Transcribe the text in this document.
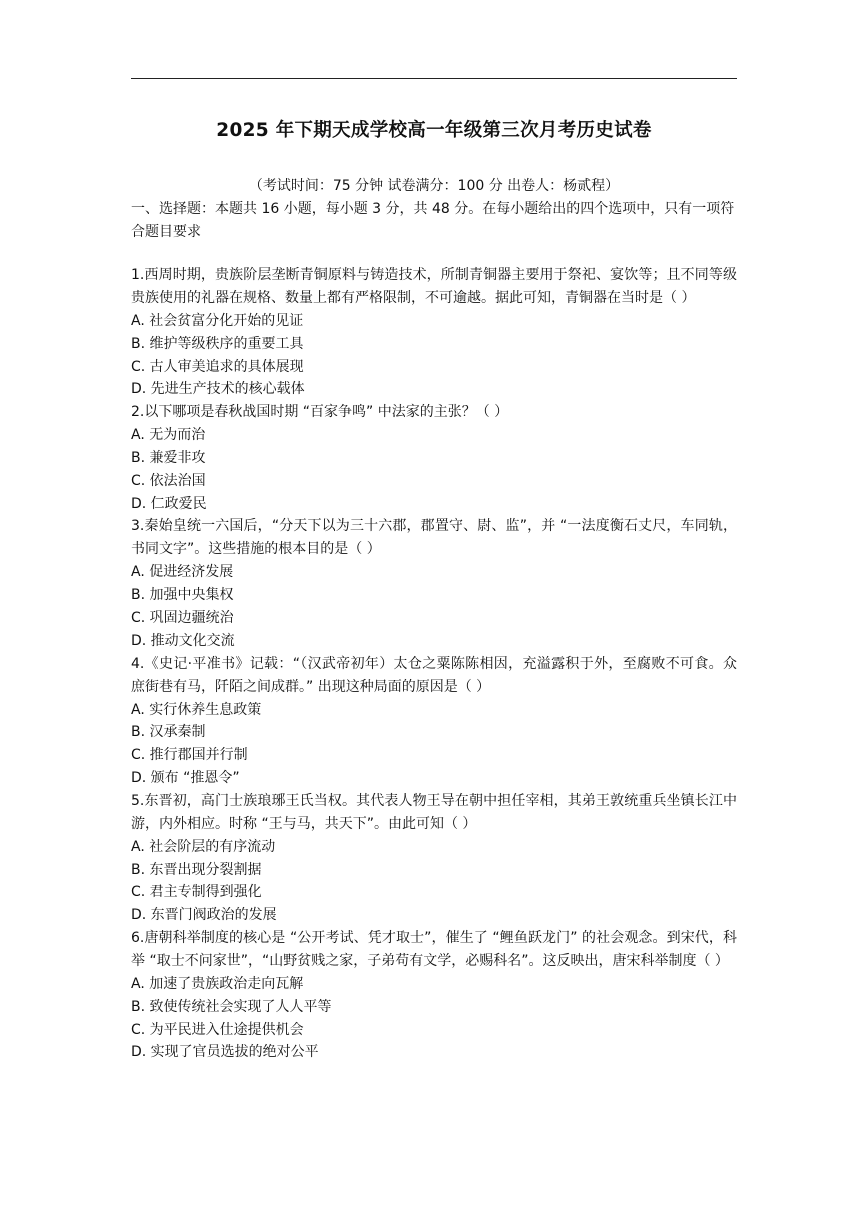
2025 年下期天成学校高一年级第三次月考历史试卷
（考试时间：75 分钟 试卷满分：100 分 出卷人：杨贰程）

一、选择题：本题共 16 小题，每小题 3 分，共 48 分。在每小题给出的四个选项中，只有一项符合题目要求

1.西周时期，贵族阶层垄断青铜原料与铸造技术，所制青铜器主要用于祭祀、宴饮等；且不同等级贵族使用的礼器在规格、数量上都有严格限制，不可逾越。据此可知，青铜器在当时是（ ）

A. 社会贫富分化开始的见证

B. 维护等级秩序的重要工具

C. 古人审美追求的具体展现

D. 先进生产技术的核心载体

2.以下哪项是春秋战国时期 “百家争鸣” 中法家的主张？（ ）

A. 无为而治

B. 兼爱非攻

C. 依法治国

D. 仁政爱民

3.秦始皇统一六国后，“分天下以为三十六郡，郡置守、尉、监”，并 “一法度衡石丈尺，车同轨，书同文字”。这些措施的根本目的是（ ）

A. 促进经济发展

B. 加强中央集权

C. 巩固边疆统治

D. 推动文化交流

4.《史记·平准书》记载：“（汉武帝初年）太仓之粟陈陈相因，充溢露积于外，至腐败不可食。众庶街巷有马，阡陌之间成群。” 出现这种局面的原因是（ ）

A. 实行休养生息政策

B. 汉承秦制

C. 推行郡国并行制

D. 颁布 “推恩令”

5.东晋初，高门士族琅琊王氏当权。其代表人物王导在朝中担任宰相，其弟王敦统重兵坐镇长江中游，内外相应。时称 “王与马，共天下”。由此可知（ ）

A. 社会阶层的有序流动

B. 东晋出现分裂割据

C. 君主专制得到强化

D. 东晋门阀政治的发展

6.唐朝科举制度的核心是 “公开考试、凭才取士”，催生了 “鲤鱼跃龙门” 的社会观念。到宋代，科举 “取士不问家世”，“山野贫贱之家，子弟苟有文学，必赐科名”。这反映出，唐宋科举制度（ ）

A. 加速了贵族政治走向瓦解

B. 致使传统社会实现了人人平等

C. 为平民进入仕途提供机会

D. 实现了官员选拔的绝对公平
